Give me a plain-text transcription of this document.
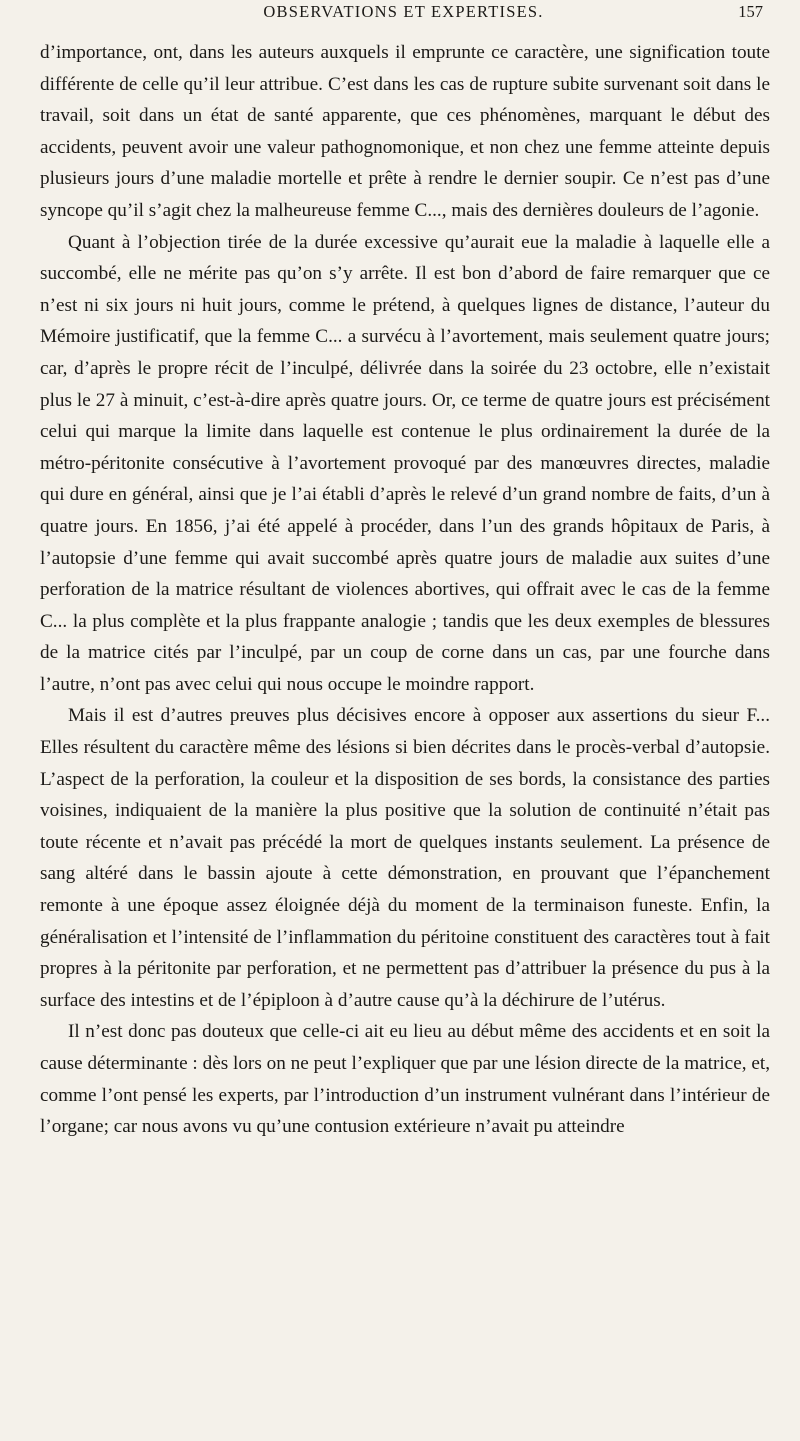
OBSERVATIONS ET EXPERTISES.	157

d’importance, ont, dans les auteurs auxquels il emprunte ce caractère, une signification toute différente de celle qu’il leur attribue. C’est dans les cas de rupture subite survenant soit dans le travail, soit dans un état de santé apparente, que ces phénomènes, marquant le début des accidents, peuvent avoir une valeur pathognomonique, et non chez une femme atteinte depuis plusieurs jours d’une maladie mortelle et prête à rendre le dernier soupir. Ce n’est pas d’une syncope qu’il s’agit chez la malheureuse femme C..., mais des dernières douleurs de l’agonie.

Quant à l’objection tirée de la durée excessive qu’aurait eue la maladie à laquelle elle a succombé, elle ne mérite pas qu’on s’y arrête. Il est bon d’abord de faire remarquer que ce n’est ni six jours ni huit jours, comme le prétend, à quelques lignes de distance, l’auteur du Mémoire justificatif, que la femme C... a survécu à l’avortement, mais seulement quatre jours; car, d’après le propre récit de l’inculpé, délivrée dans la soirée du 23 octobre, elle n’existait plus le 27 à minuit, c’est-à-dire après quatre jours. Or, ce terme de quatre jours est précisément celui qui marque la limite dans laquelle est contenue le plus ordinairement la durée de la métro-péritonite consécutive à l’avortement provoqué par des manœuvres directes, maladie qui dure en général, ainsi que je l’ai établi d’après le relevé d’un grand nombre de faits, d’un à quatre jours. En 1856, j’ai été appelé à procéder, dans l’un des grands hôpitaux de Paris, à l’autopsie d’une femme qui avait succombé après quatre jours de maladie aux suites d’une perforation de la matrice résultant de violences abortives, qui offrait avec le cas de la femme C... la plus complète et la plus frappante analogie ; tandis que les deux exemples de blessures de la matrice cités par l’inculpé, par un coup de corne dans un cas, par une fourche dans l’autre, n’ont pas avec celui qui nous occupe le moindre rapport.

Mais il est d’autres preuves plus décisives encore à opposer aux assertions du sieur F... Elles résultent du caractère même des lésions si bien décrites dans le procès-verbal d’autopsie. L’aspect de la perforation, la couleur et la disposition de ses bords, la consistance des parties voisines, indiquaient de la manière la plus positive que la solution de continuité n’était pas toute récente et n’avait pas précédé la mort de quelques instants seulement. La présence de sang altéré dans le bassin ajoute à cette démonstration, en prouvant que l’épanchement remonte à une époque assez éloignée déjà du moment de la terminaison funeste. Enfin, la généralisation et l’intensité de l’inflammation du péritoine constituent des caractères tout à fait propres à la péritonite par perforation, et ne permettent pas d’attribuer la présence du pus à la surface des intestins et de l’épiploon à d’autre cause qu’à la déchirure de l’utérus.

Il n’est donc pas douteux que celle-ci ait eu lieu au début même des accidents et en soit la cause déterminante : dès lors on ne peut l’expliquer que par une lésion directe de la matrice, et, comme l’ont pensé les experts, par l’introduction d’un instrument vulnérant dans l’intérieur de l’organe; car nous avons vu qu’une contusion extérieure n’avait pu atteindre
